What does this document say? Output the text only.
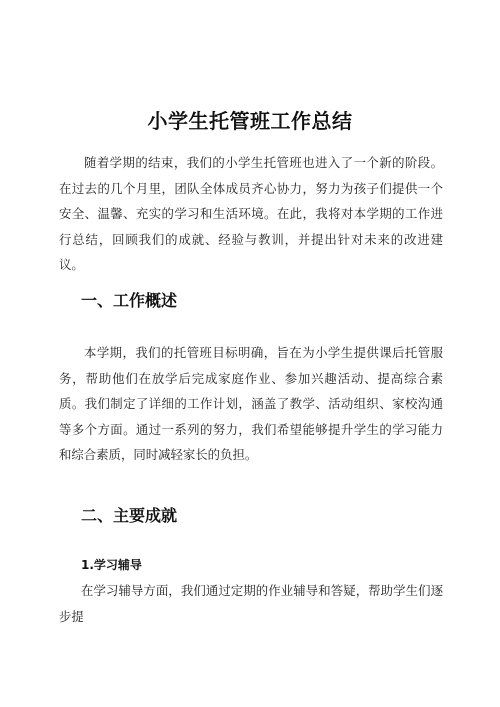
小学生托管班工作总结

随着学期的结束，我们的小学生托管班也进入了一个新的阶段。在过去的几个月里，团队全体成员齐心协力，努力为孩子们提供一个安全、温馨、充实的学习和生活环境。在此，我将对本学期的工作进行总结，回顾我们的成就、经验与教训，并提出针对未来的改进建议。

一、工作概述

本学期，我们的托管班目标明确，旨在为小学生提供课后托管服务，帮助他们在放学后完成家庭作业、参加兴趣活动、提高综合素质。我们制定了详细的工作计划，涵盖了教学、活动组织、家校沟通等多个方面。通过一系列的努力，我们希望能够提升学生的学习能力和综合素质，同时减轻家长的负担。

二、主要成就
1.学习辅导

在学习辅导方面，我们通过定期的作业辅导和答疑，帮助学生们逐步提
